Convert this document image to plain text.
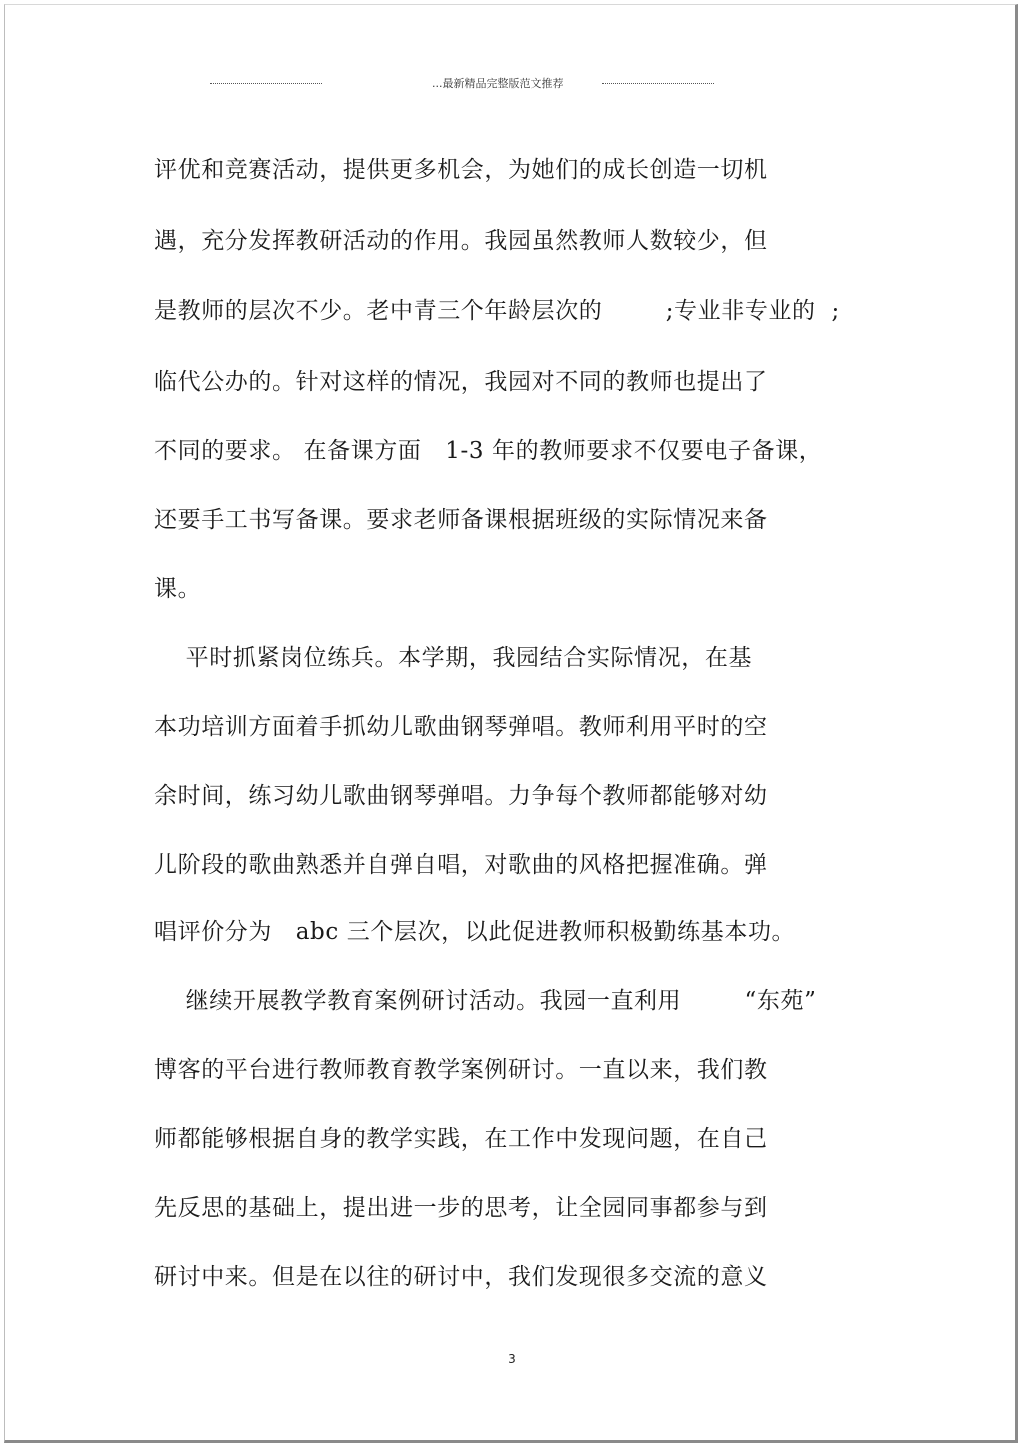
...最新精品完整版范文推荐
评优和竞赛活动，提供更多机会，为她们的成长创造一切机
遇，充分发挥教研活动的作用。我园虽然教师人数较少，但
是教师的层次不少。老中青三个年龄层次的        ;专业非专业的  ;
临代公办的。针对这样的情况，我园对不同的教师也提出了
不同的要求。 在备课方面   1-3 年的教师要求不仅要电子备课，
还要手工书写备课。要求老师备课根据班级的实际情况来备
课。
平时抓紧岗位练兵。本学期，我园结合实际情况，在基
本功培训方面着手抓幼儿歌曲钢琴弹唱。教师利用平时的空
余时间，练习幼儿歌曲钢琴弹唱。力争每个教师都能够对幼
儿阶段的歌曲熟悉并自弹自唱，对歌曲的风格把握准确。弹
唱评价分为   abc 三个层次，以此促进教师积极勤练基本功。
继续开展教学教育案例研讨活动。我园一直利用        “东苑”
博客的平台进行教师教育教学案例研讨。一直以来，我们教
师都能够根据自身的教学实践，在工作中发现问题，在自己
先反思的基础上，提出进一步的思考，让全园同事都参与到
研讨中来。但是在以往的研讨中，我们发现很多交流的意义
3
